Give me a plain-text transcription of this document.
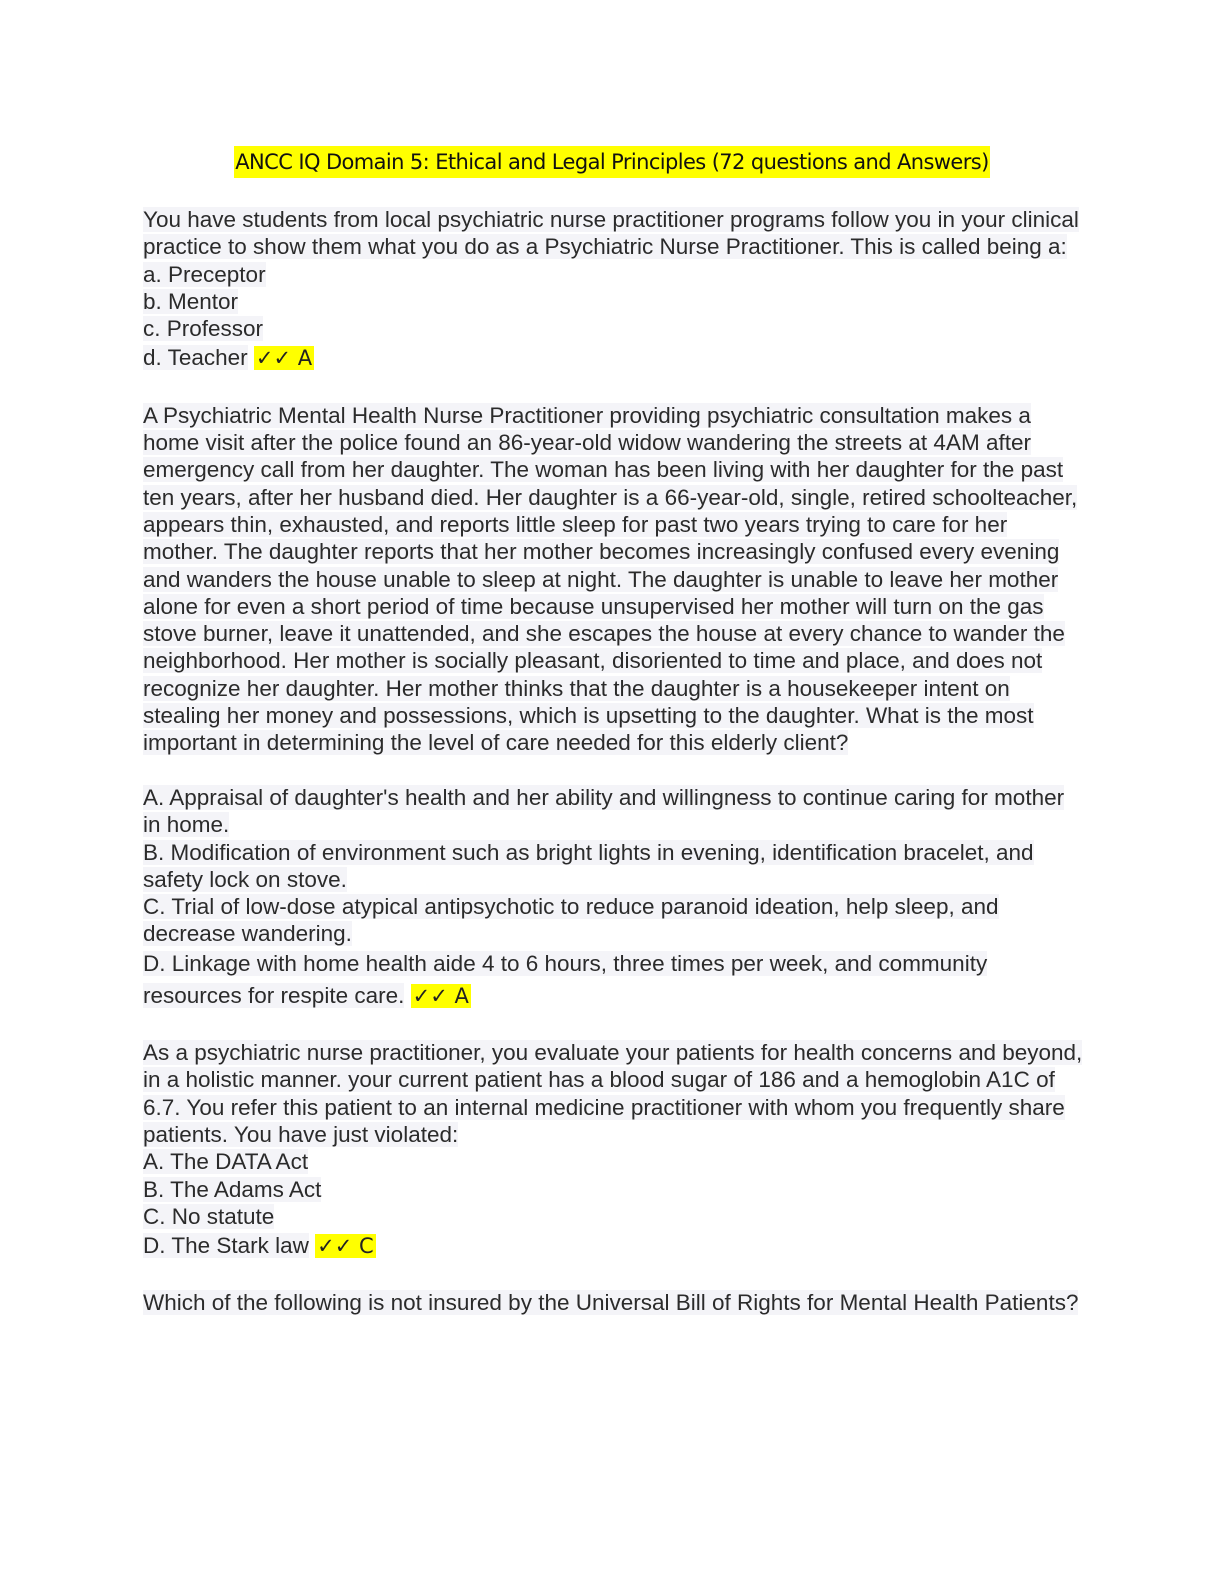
ANCC IQ Domain 5: Ethical and Legal Principles (72 questions and Answers)

You have students from local psychiatric nurse practitioner programs follow you in your clinical practice to show them what you do as a Psychiatric Nurse Practitioner. This is called being a:

a. Preceptor

b. Mentor

c. Professor

d. Teacher ✓✓ A

A Psychiatric Mental Health Nurse Practitioner providing psychiatric consultation makes a home visit after the police found an 86-year-old widow wandering the streets at 4AM after emergency call from her daughter. The woman has been living with her daughter for the past ten years, after her husband died. Her daughter is a 66-year-old, single, retired schoolteacher, appears thin, exhausted, and reports little sleep for past two years trying to care for her mother. The daughter reports that her mother becomes increasingly confused every evening and wanders the house unable to sleep at night. The daughter is unable to leave her mother alone for even a short period of time because unsupervised her mother will turn on the gas stove burner, leave it unattended, and she escapes the house at every chance to wander the neighborhood. Her mother is socially pleasant, disoriented to time and place, and does not recognize her daughter. Her mother thinks that the daughter is a housekeeper intent on stealing her money and possessions, which is upsetting to the daughter. What is the most important in determining the level of care needed for this elderly client?

A. Appraisal of daughter's health and her ability and willingness to continue caring for mother in home.

B. Modification of environment such as bright lights in evening, identification bracelet, and safety lock on stove.

C. Trial of low-dose atypical antipsychotic to reduce paranoid ideation, help sleep, and decrease wandering.

D. Linkage with home health aide 4 to 6 hours, three times per week, and community resources for respite care. ✓✓ A

As a psychiatric nurse practitioner, you evaluate your patients for health concerns and beyond, in a holistic manner. your current patient has a blood sugar of 186 and a hemoglobin A1C of 6.7. You refer this patient to an internal medicine practitioner with whom you frequently share patients. You have just violated:

A. The DATA Act

B. The Adams Act

C. No statute

D. The Stark law ✓✓ C

Which of the following is not insured by the Universal Bill of Rights for Mental Health Patients?
